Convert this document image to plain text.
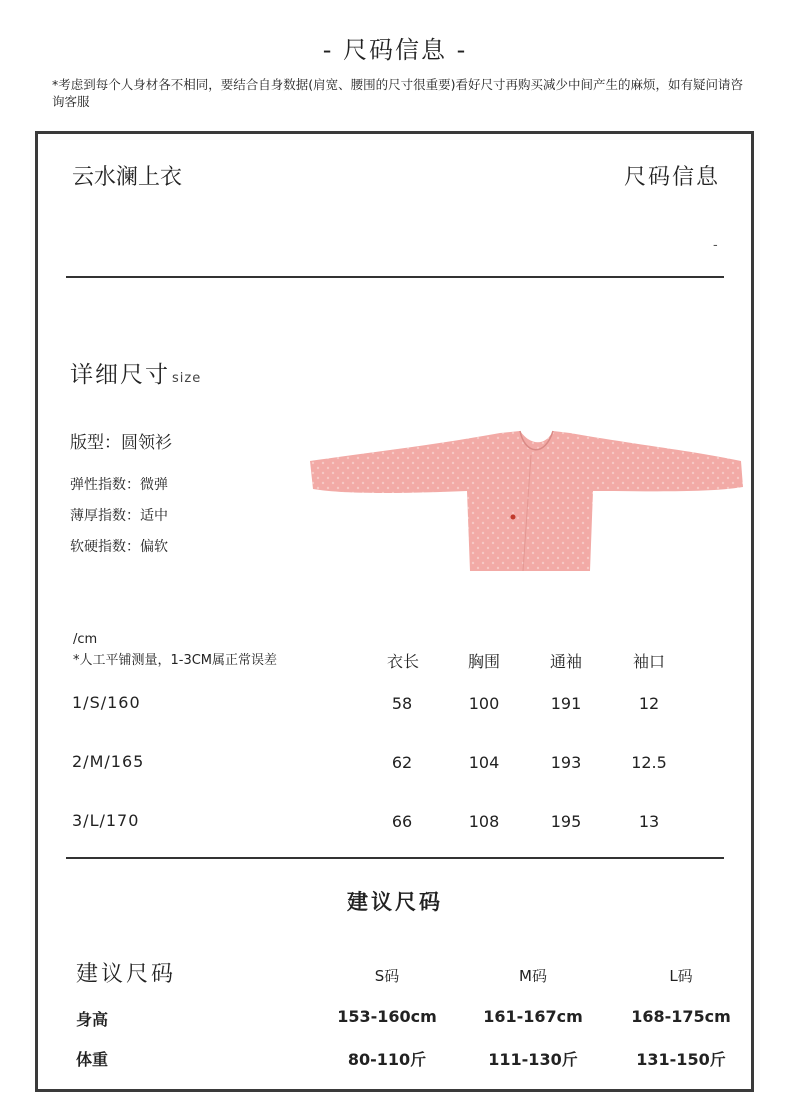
- 尺码信息 -
*考虑到每个人身材各不相同，要结合自身数据(肩宽、腰围的尺寸很重要)看好尺寸再购买减少中间产生的麻烦，如有疑问请咨询客服
云水澜上衣	尺码信息
-
详细尺寸 size
版型：圆领衫
弹性指数：微弹
薄厚指数：适中
软硬指数：偏软
/cm
*人工平铺测量，1-3CM属正常误差	衣长	胸围	通袖	袖口
1/S/160	58	100	191	12
2/M/165	62	104	193	12.5
3/L/170	66	108	195	13
建议尺码
建议尺码	S码	M码	L码
身高	153-160cm	161-167cm	168-175cm
体重	80-110斤	111-130斤	131-150斤
